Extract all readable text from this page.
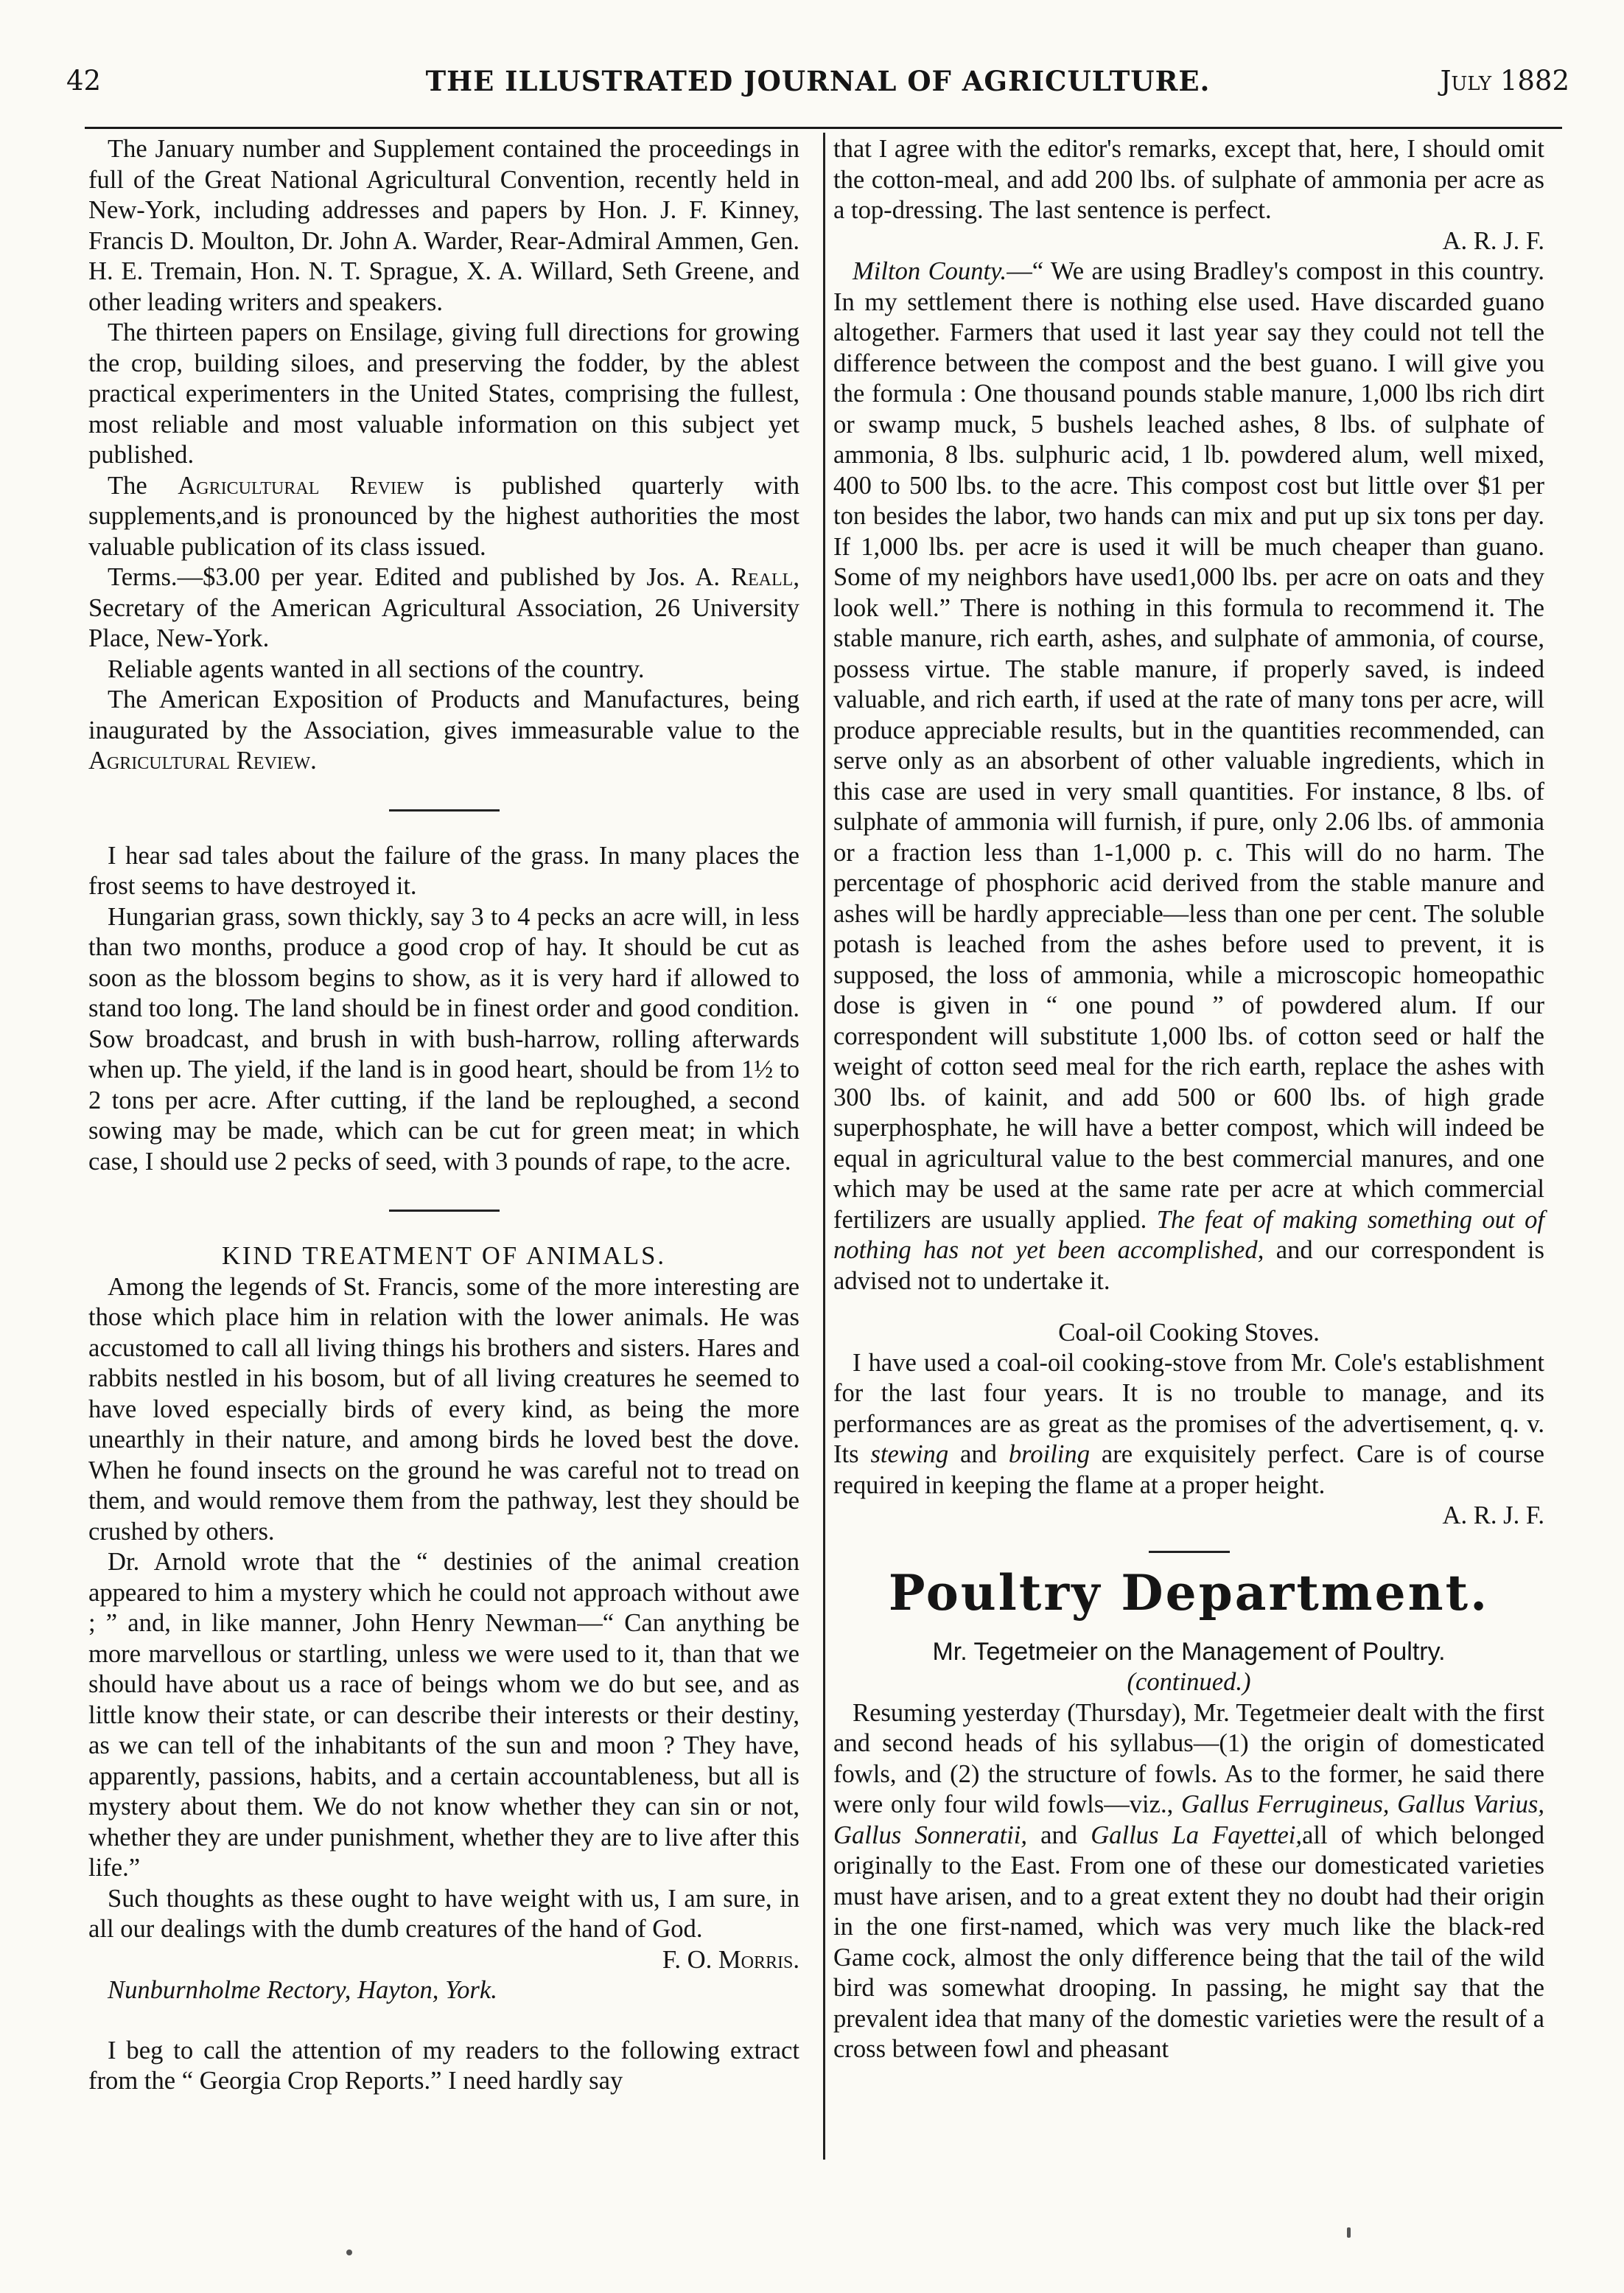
42	THE ILLUSTRATED JOURNAL OF AGRICULTURE.	July 1882

The January number and Supplement contained the proceedings in full of the Great National Agricultural Convention, recently held in New-York, including addresses and papers by Hon. J. F. Kinney, Francis D. Moulton, Dr. John A. Warder, Rear-Admiral Ammen, Gen. H. E. Tremain, Hon. N. T. Sprague, X. A. Willard, Seth Greene, and other leading writers and speakers.

The thirteen papers on Ensilage, giving full directions for growing the crop, building siloes, and preserving the fodder, by the ablest practical experimenters in the United States, comprising the fullest, most reliable and most valuable information on this subject yet published.

The Agricultural Review is published quarterly with supplements,and is pronounced by the highest authorities the most valuable publication of its class issued.

Terms.—$3.00 per year. Edited and published by Jos. A. Reall, Secretary of the American Agricultural Association, 26 University Place, New-York.

Reliable agents wanted in all sections of the country.

The American Exposition of Products and Manufactures, being inaugurated by the Association, gives immeasurable value to the Agricultural Review.

I hear sad tales about the failure of the grass. In many places the frost seems to have destroyed it.

Hungarian grass, sown thickly, say 3 to 4 pecks an acre will, in less than two months, produce a good crop of hay. It should be cut as soon as the blossom begins to show, as it is very hard if allowed to stand too long. The land should be in finest order and good condition. Sow broadcast, and brush in with bush-harrow, rolling afterwards when up. The yield, if the land is in good heart, should be from 1½ to 2 tons per acre. After cutting, if the land be reploughed, a second sowing may be made, which can be cut for green meat; in which case, I should use 2 pecks of seed, with 3 pounds of rape, to the acre.

KIND TREATMENT OF ANIMALS.

Among the legends of St. Francis, some of the more interesting are those which place him in relation with the lower animals. He was accustomed to call all living things his brothers and sisters. Hares and rabbits nestled in his bosom, but of all living creatures he seemed to have loved especially birds of every kind, as being the more unearthly in their nature, and among birds he loved best the dove. When he found insects on the ground he was careful not to tread on them, and would remove them from the pathway, lest they should be crushed by others.

Dr. Arnold wrote that the “ destinies of the animal creation appeared to him a mystery which he could not approach without awe ; ” and, in like manner, John Henry Newman—“ Can anything be more marvellous or startling, unless we were used to it, than that we should have about us a race of beings whom we do but see, and as little know their state, or can describe their interests or their destiny, as we can tell of the inhabitants of the sun and moon ? They have, apparently, passions, habits, and a certain accountableness, but all is mystery about them. We do not know whether they can sin or not, whether they are under punishment, whether they are to live after this life.”

Such thoughts as these ought to have weight with us, I am sure, in all our dealings with the dumb creatures of the hand of God.

F. O. Morris.

Nunburnholme Rectory, Hayton, York.

I beg to call the attention of my readers to the following extract from the “ Georgia Crop Reports.” I need hardly say

that I agree with the editor's remarks, except that, here, I should omit the cotton-meal, and add 200 lbs. of sulphate of ammonia per acre as a top-dressing. The last sentence is perfect.

A. R. J. F.

Milton County.—“ We are using Bradley's compost in this country. In my settlement there is nothing else used. Have discarded guano altogether. Farmers that used it last year say they could not tell the difference between the compost and the best guano. I will give you the formula : One thousand pounds stable manure, 1,000 lbs rich dirt or swamp muck, 5 bushels leached ashes, 8 lbs. of sulphate of ammonia, 8 lbs. sulphuric acid, 1 lb. powdered alum, well mixed, 400 to 500 lbs. to the acre. This compost cost but little over $1 per ton besides the labor, two hands can mix and put up six tons per day. If 1,000 lbs. per acre is used it will be much cheaper than guano. Some of my neighbors have used1,000 lbs. per acre on oats and they look well.” There is nothing in this formula to recommend it. The stable manure, rich earth, ashes, and sulphate of ammonia, of course, possess virtue. The stable manure, if properly saved, is indeed valuable, and rich earth, if used at the rate of many tons per acre, will produce appreciable results, but in the quantities recommended, can serve only as an absorbent of other valuable ingredients, which in this case are used in very small quantities. For instance, 8 lbs. of sulphate of ammonia will furnish, if pure, only 2.06 lbs. of ammonia or a fraction less than 1-1,000 p. c. This will do no harm. The percentage of phosphoric acid derived from the stable manure and ashes will be hardly appreciable—less than one per cent. The soluble potash is leached from the ashes before used to prevent, it is supposed, the loss of ammonia, while a microscopic homeopathic dose is given in “ one pound ” of powdered alum. If our correspondent will substitute 1,000 lbs. of cotton seed or half the weight of cotton seed meal for the rich earth, replace the ashes with 300 lbs. of kainit, and add 500 or 600 lbs. of high grade superphosphate, he will have a better compost, which will indeed be equal in agricultural value to the best commercial manures, and one which may be used at the same rate per acre at which commercial fertilizers are usually applied. The feat of making something out of nothing has not yet been accomplished, and our correspondent is advised not to undertake it.

Coal-oil Cooking Stoves.

I have used a coal-oil cooking-stove from Mr. Cole's establishment for the last four years. It is no trouble to manage, and its performances are as great as the promises of the advertisement, q. v. Its stewing and broiling are exquisitely perfect. Care is of course required in keeping the flame at a proper height.

A. R. J. F.

Poultry Department.

Mr. Tegetmeier on the Management of Poultry.

(continued.)

Resuming yesterday (Thursday), Mr. Tegetmeier dealt with the first and second heads of his syllabus—(1) the origin of domesticated fowls, and (2) the structure of fowls. As to the former, he said there were only four wild fowls—viz., Gallus Ferrugineus, Gallus Varius, Gallus Sonneratii, and Gallus La Fayettei,all of which belonged originally to the East. From one of these our domesticated varieties must have arisen, and to a great extent they no doubt had their origin in the one first-named, which was very much like the black-red Game cock, almost the only difference being that the tail of the wild bird was somewhat drooping. In passing, he might say that the prevalent idea that many of the domestic varieties were the result of a cross between fowl and pheasant
